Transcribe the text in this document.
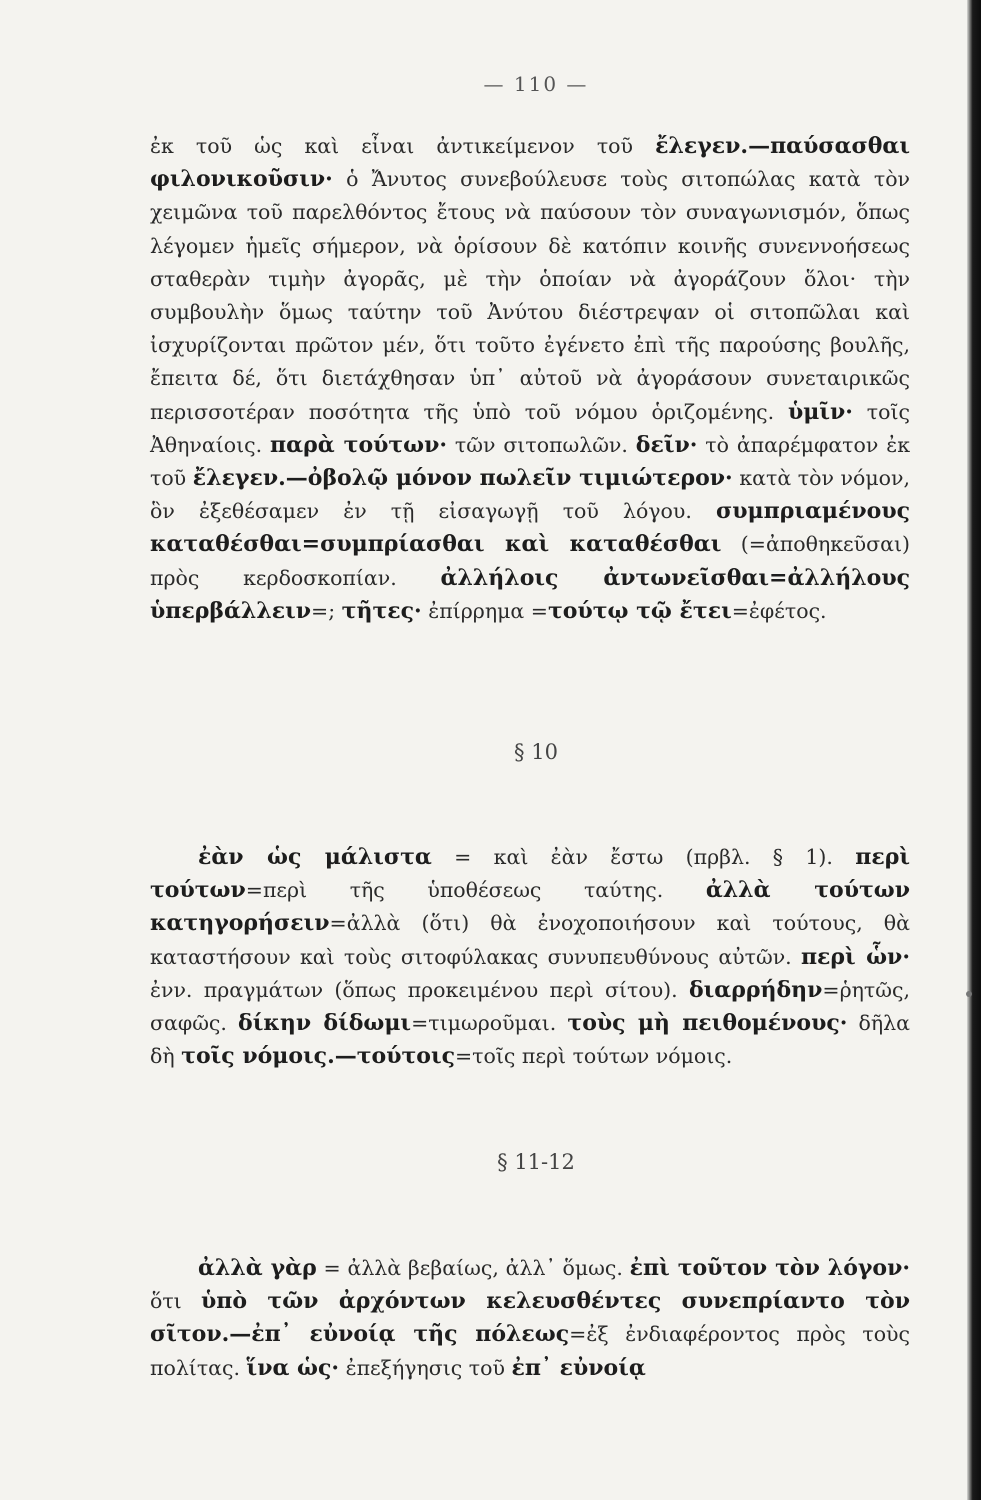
— 110 —

ἐκ τοῦ ὡς καὶ εἶναι ἀντικείμενον τοῦ ἔλεγεν.—παύσασθαι φιλονικοῦσιν· ὁ Ἄνυτος συνεβούλευσε τοὺς σιτοπώλας κατὰ τὸν χειμῶνα τοῦ παρελθόντος ἔτους νὰ παύσουν τὸν συναγωνισμόν, ὅπως λέγομεν ἡμεῖς σήμερον, νὰ ὁρίσουν δὲ κατόπιν κοινῆς συνεννοήσεως σταθερὰν τιμὴν ἀγορᾶς, μὲ τὴν ὁποίαν νὰ ἀγοράζουν ὅλοι· τὴν συμβουλὴν ὅμως ταύτην τοῦ Ἀνύτου διέστρεψαν οἱ σιτοπῶλαι καὶ ἰσχυρίζονται πρῶτον μέν, ὅτι τοῦτο ἐγένετο ἐπὶ τῆς παρούσης βουλῆς, ἔπειτα δέ, ὅτι διετάχθησαν ὑπ᾽ αὐτοῦ νὰ ἀγοράσουν συνεταιρικῶς περισσοτέραν ποσότητα τῆς ὑπὸ τοῦ νόμου ὁριζομένης. ὑμῖν· τοῖς Ἀθηναίοις. παρὰ τούτων· τῶν σιτοπωλῶν. δεῖν· τὸ ἀπαρέμφατον ἐκ τοῦ ἔλεγεν.—ὀβολῷ μόνον πωλεῖν τιμιώτερον· κατὰ τὸν νόμον, ὃν ἐξεθέσαμεν ἐν τῇ εἰσαγωγῇ τοῦ λόγου. συμπριαμένους καταθέσθαι=συμπρίασθαι καὶ καταθέσθαι (=ἀποθηκεῦσαι) πρὸς κερδοσκοπίαν. ἀλλήλοις ἀντωνεῖσθαι=ἀλλήλους ὑπερβάλλειν=; τῆτες· ἐπίρρημα =τούτῳ τῷ ἔτει=ἐφέτος.

§ 10

ἐὰν ὡς μάλιστα = καὶ ἐὰν ἔστω (πρβλ. § 1). περὶ τούτων=περὶ τῆς ὑποθέσεως ταύτης. ἀλλὰ τούτων κατηγορήσειν=ἀλλὰ (ὅτι) θὰ ἐνοχοποιήσουν καὶ τούτους, θὰ καταστήσουν καὶ τοὺς σιτοφύλακας συνυπευθύνους αὐτῶν. περὶ ὧν· ἐνν. πραγμάτων (ὅπως προκειμένου περὶ σίτου). διαρρήδην=ῥητῶς, σαφῶς. δίκην δίδωμι=τιμωροῦμαι. τοὺς μὴ πειθομένους· δῆλα δὴ τοῖς νόμοις.—τούτοις=τοῖς περὶ τούτων νόμοις.

§ 11-12

ἀλλὰ γὰρ = ἀλλὰ βεβαίως, ἀλλ᾽ ὅμως. ἐπὶ τοῦτον τὸν λόγον· ὅτι ὑπὸ τῶν ἀρχόντων κελευσθέντες συνεπρίαντο τὸν σῖτον.—ἐπ᾽ εὐνοίᾳ τῆς πόλεως=ἐξ ἐνδιαφέροντος πρὸς τοὺς πολίτας. ἵνα ὡς· ἐπεξήγησις τοῦ ἐπ᾽ εὐνοίᾳ
